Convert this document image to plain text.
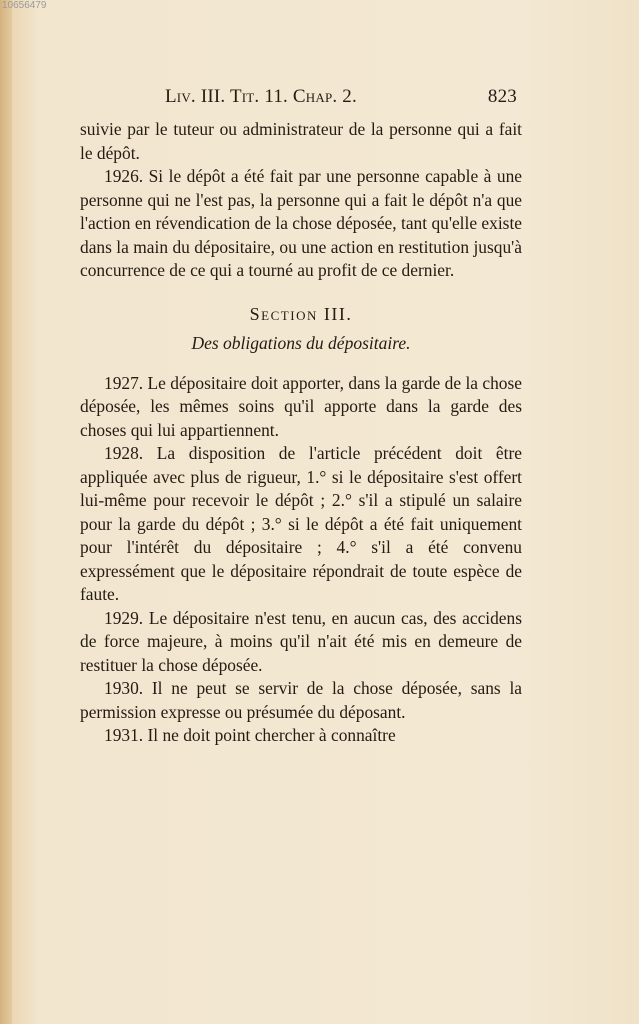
10656479
Liv. III. Tit. 11. Chap. 2.	823

suivie par le tuteur ou administrateur de la personne qui a fait le dépôt.

1926. Si le dépôt a été fait par une personne capable à une personne qui ne l'est pas, la personne qui a fait le dépôt n'a que l'action en révendication de la chose déposée, tant qu'elle existe dans la main du dépositaire, ou une action en restitution jusqu'à concurrence de ce qui a tourné au profit de ce dernier.

Section III.

Des obligations du dépositaire.

1927. Le dépositaire doit apporter, dans la garde de la chose déposée, les mêmes soins qu'il apporte dans la garde des choses qui lui appartiennent.

1928. La disposition de l'article précédent doit être appliquée avec plus de rigueur, 1.° si le dépositaire s'est offert lui-même pour recevoir le dépôt ; 2.° s'il a stipulé un salaire pour la garde du dépôt ; 3.° si le dépôt a été fait uniquement pour l'intérêt du dépositaire ; 4.° s'il a été convenu expressément que le dépositaire répondrait de toute espèce de faute.

1929. Le dépositaire n'est tenu, en aucun cas, des accidens de force majeure, à moins qu'il n'ait été mis en demeure de restituer la chose déposée.

1930. Il ne peut se servir de la chose déposée, sans la permission expresse ou présumée du déposant.

1931. Il ne doit point chercher à connaître
